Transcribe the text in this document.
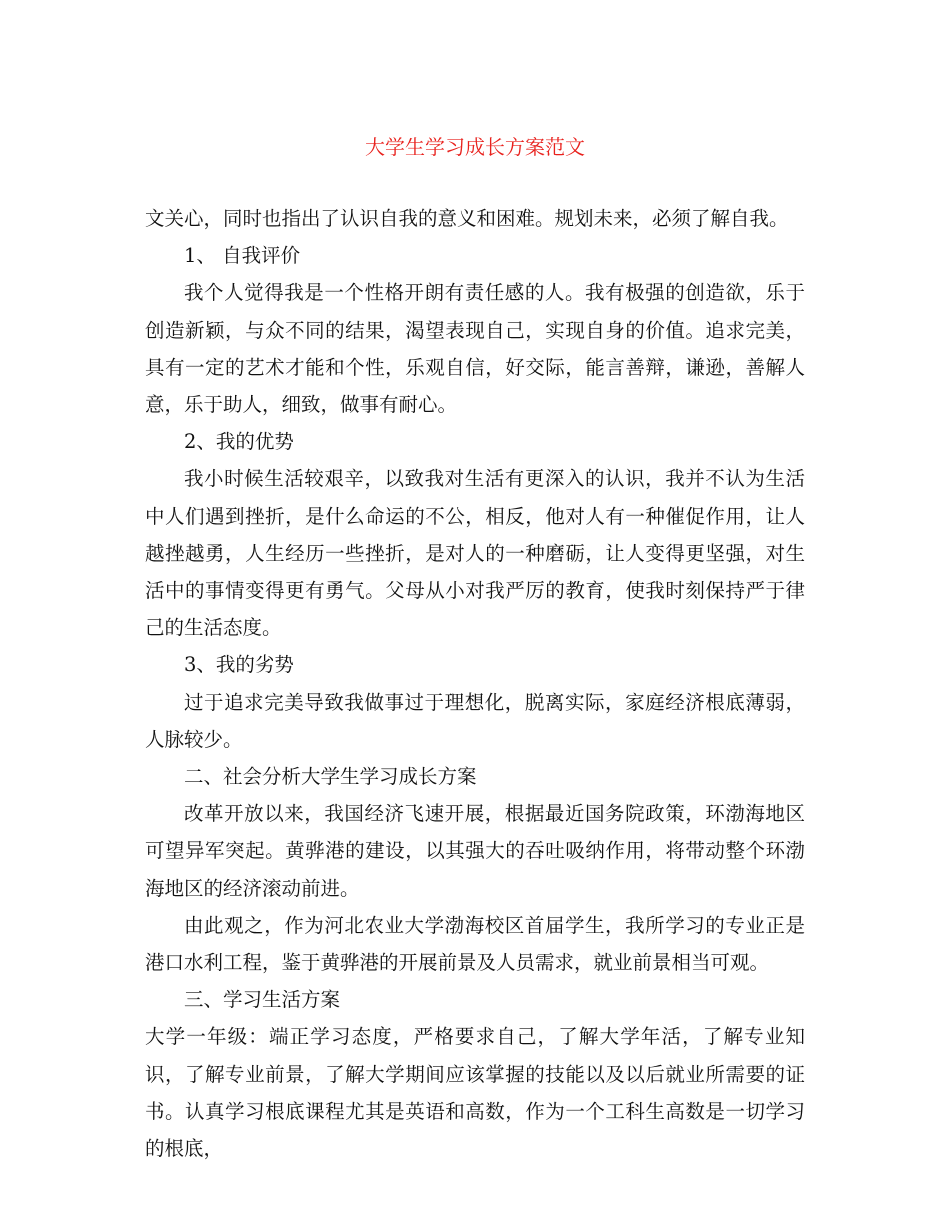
大学生学习成长方案范文

文关心，同时也指出了认识自我的意义和困难。规划未来，必须了解自我。

1、 自我评价

我个人觉得我是一个性格开朗有责任感的人。我有极强的创造欲，乐于创造新颖，与众不同的结果，渴望表现自己，实现自身的价值。追求完美，具有一定的艺术才能和个性，乐观自信，好交际，能言善辩，谦逊，善解人意，乐于助人，细致，做事有耐心。

2、我的优势

我小时候生活较艰辛，以致我对生活有更深入的认识，我并不认为生活中人们遇到挫折，是什么命运的不公，相反，他对人有一种催促作用，让人越挫越勇，人生经历一些挫折，是对人的一种磨砺，让人变得更坚强，对生活中的事情变得更有勇气。父母从小对我严厉的教育，使我时刻保持严于律己的生活态度。

3、我的劣势

过于追求完美导致我做事过于理想化，脱离实际，家庭经济根底薄弱，人脉较少。

二、社会分析大学生学习成长方案

改革开放以来，我国经济飞速开展，根据最近国务院政策，环渤海地区可望异军突起。黄骅港的建设，以其强大的吞吐吸纳作用，将带动整个环渤海地区的经济滚动前进。

由此观之，作为河北农业大学渤海校区首届学生，我所学习的专业正是港口水利工程，鉴于黄骅港的开展前景及人员需求，就业前景相当可观。

三、学习生活方案

大学一年级：端正学习态度，严格要求自己，了解大学年活，了解专业知识，了解专业前景，了解大学期间应该掌握的技能以及以后就业所需要的证书。认真学习根底课程尤其是英语和高数，作为一个工科生高数是一切学习的根底，
